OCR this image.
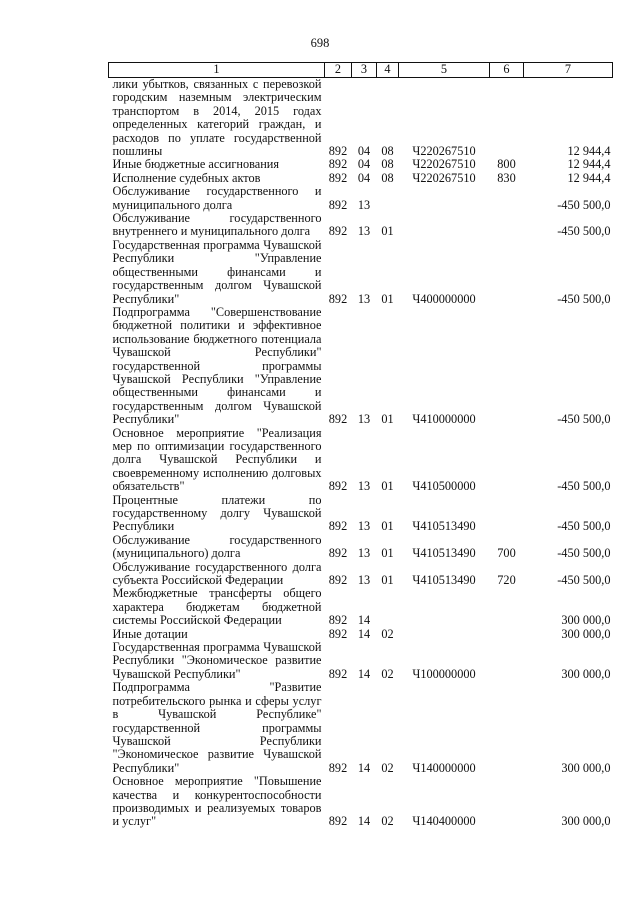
698
1	2	3	4	5	6	7
лики убытков, связанных с перевозкой городским наземным электрическим транспортом в 2014, 2015 годах определенных категорий граждан, и расходов по уплате государственной пошлины	892	04	08	Ч220267510		12 944,4
Иные бюджетные ассигнования	892	04	08	Ч220267510	800	12 944,4
Исполнение судебных актов	892	04	08	Ч220267510	830	12 944,4
Обслуживание государственного и муниципального долга	892	13				-450 500,0
Обслуживание государственного внутреннего и муниципального долга	892	13	01			-450 500,0
Государственная программа Чувашской Республики "Управление общественными финансами и государственным долгом Чувашской Республики"	892	13	01	Ч400000000		-450 500,0
Подпрограмма "Совершенствование бюджетной политики и эффективное использование бюджетного потенциала Чувашской Республики" государственной программы Чувашской Республики "Управление общественными финансами и государственным долгом Чувашской Республики"	892	13	01	Ч410000000		-450 500,0
Основное мероприятие "Реализация мер по оптимизации государственного долга Чувашской Республики и своевременному исполнению долговых обязательств"	892	13	01	Ч410500000		-450 500,0
Процентные платежи по государственному долгу Чувашской Республики	892	13	01	Ч410513490		-450 500,0
Обслуживание государственного (муниципального) долга	892	13	01	Ч410513490	700	-450 500,0
Обслуживание государственного долга субъекта Российской Федерации	892	13	01	Ч410513490	720	-450 500,0
Межбюджетные трансферты общего характера бюджетам бюджетной системы Российской Федерации	892	14				300 000,0
Иные дотации	892	14	02			300 000,0
Государственная программа Чувашской Республики "Экономическое развитие Чувашской Республики"	892	14	02	Ч100000000		300 000,0
Подпрограмма "Развитие потребительского рынка и сферы услуг в Чувашской Республике" государственной программы Чувашской Республики "Экономическое развитие Чувашской Республики"	892	14	02	Ч140000000		300 000,0
Основное мероприятие "Повышение качества и конкурентоспособности производимых и реализуемых товаров и услуг"	892	14	02	Ч140400000		300 000,0
